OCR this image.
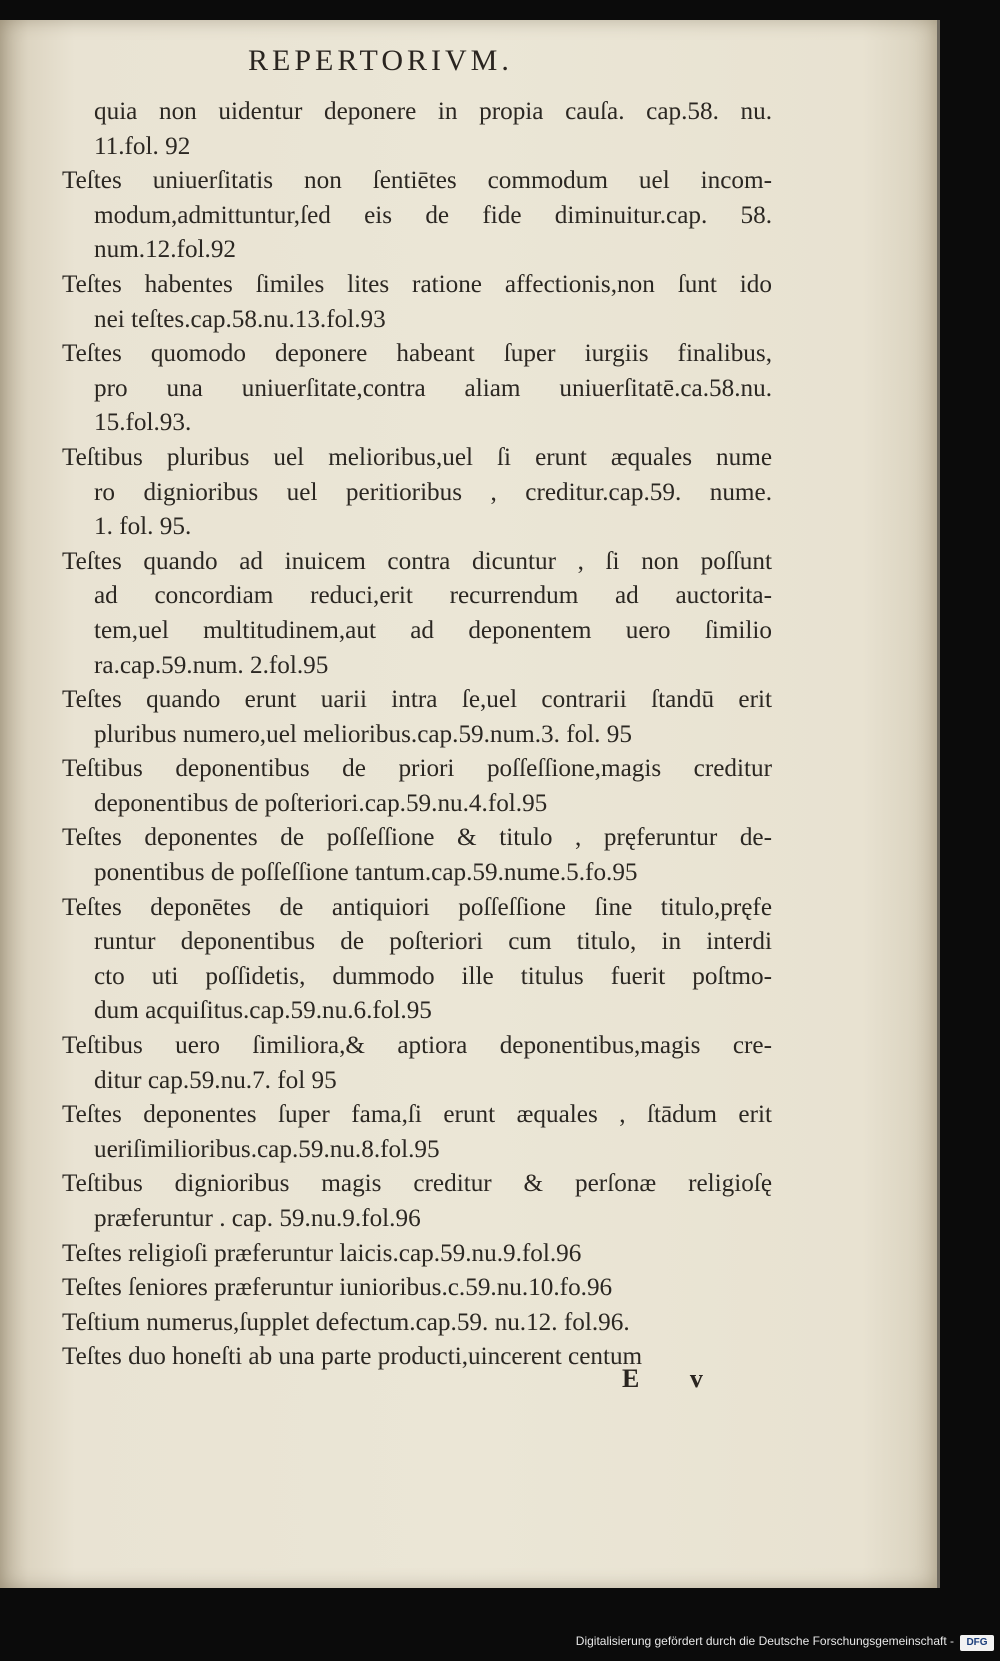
REPERTORIVM.
quia non uidentur deponere in propia cauſa. cap.58. nu.
11.fol. 92
Teſtes uniuerſitatis non ſentiētes commodum uel incom-
modum,admittuntur,ſed eis de fide diminuitur.cap. 58.
num.12.fol.92
Teſtes habentes ſimiles lites ratione affectionis,non ſunt ido
nei teſtes.cap.58.nu.13.fol.93
Teſtes quomodo deponere habeant ſuper iurgiis finalibus,
pro una uniuerſitate,contra aliam uniuerſitatē.ca.58.nu.
15.fol.93.
Teſtibus pluribus uel melioribus,uel ſi erunt æquales nume
ro dignioribus uel peritioribus , creditur.cap.59. nume.
1. fol. 95.
Teſtes quando ad inuicem contra dicuntur , ſi non poſſunt
ad concordiam reduci,erit recurrendum ad auctorita-
tem,uel multitudinem,aut ad deponentem uero ſimilio
ra.cap.59.num. 2.fol.95
Teſtes quando erunt uarii intra ſe,uel contrarii ſtandū erit
pluribus numero,uel melioribus.cap.59.num.3. fol. 95
Teſtibus deponentibus de priori poſſeſſione,magis creditur
deponentibus de poſteriori.cap.59.nu.4.fol.95
Teſtes deponentes de poſſeſſione & titulo , pręferuntur de-
ponentibus de poſſeſſione tantum.cap.59.nume.5.fo.95
Teſtes deponētes de antiquiori poſſeſſione ſine titulo,pręfe
runtur deponentibus de poſteriori cum titulo, in interdi
cto uti poſſidetis, dummodo ille titulus fuerit poſtmo-
dum acquiſitus.cap.59.nu.6.fol.95
Teſtibus uero ſimiliora,& aptiora deponentibus,magis cre-
ditur cap.59.nu.7. fol 95
Teſtes deponentes ſuper fama,ſi erunt æquales , ſtādum erit
ueriſimilioribus.cap.59.nu.8.fol.95
Teſtibus dignioribus magis creditur & perſonæ religioſę
præferuntur . cap. 59.nu.9.fol.96
Teſtes religioſi præferuntur laicis.cap.59.nu.9.fol.96
Teſtes ſeniores præferuntur iunioribus.c.59.nu.10.fo.96
Teſtium numerus,ſupplet defectum.cap.59. nu.12. fol.96.
Teſtes duo honeſti ab una parte producti,uincerent centum
E v
Digitalisierung gefördert durch die Deutsche Forschungsgemeinschaft -	DFG
